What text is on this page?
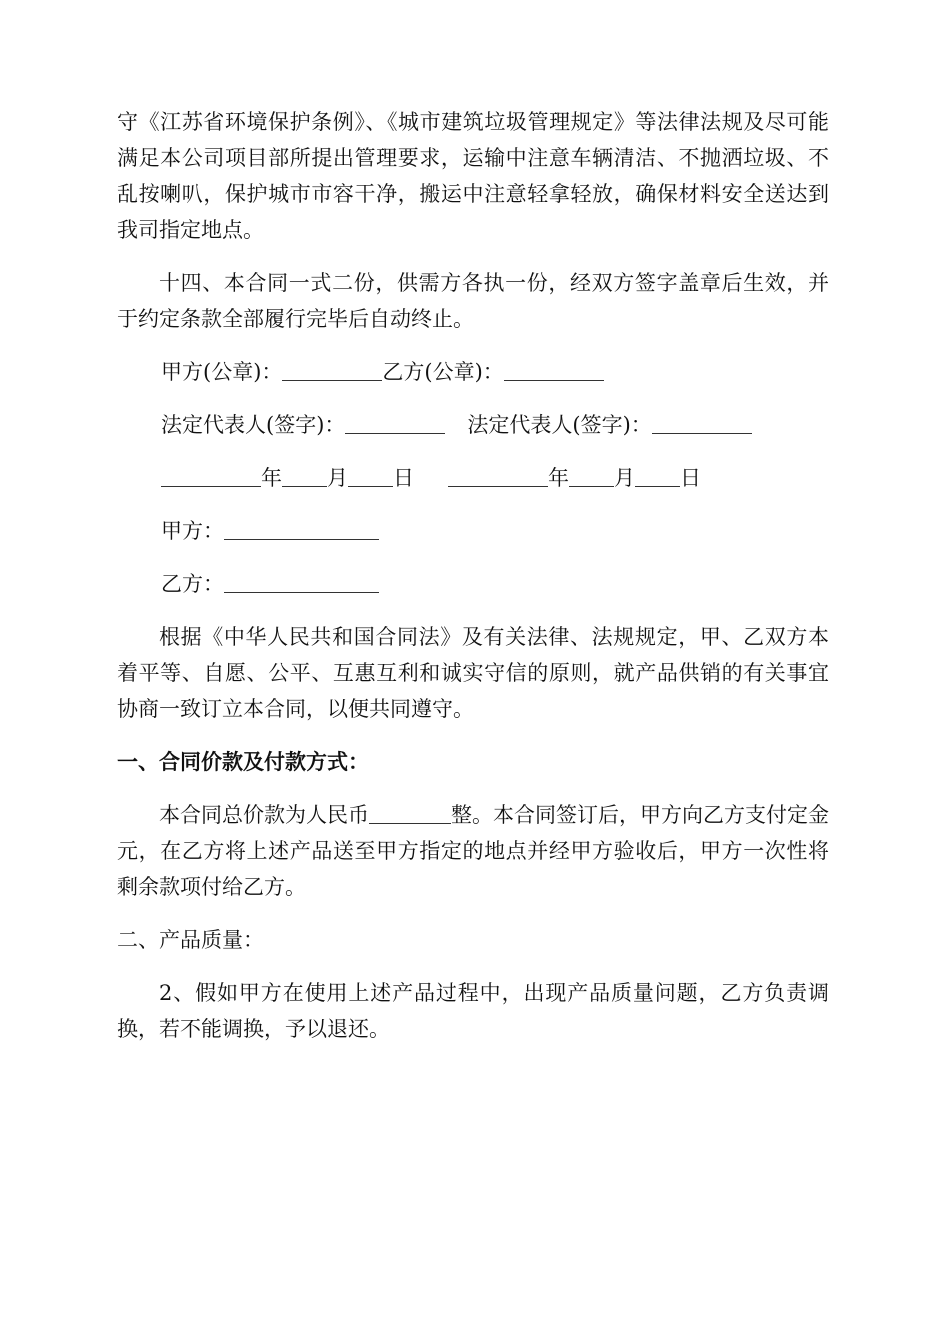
守《江苏省环境保护条例》、《城市建筑垃圾管理规定》等法律法规及尽可能满足本公司项目部所提出管理要求，运输中注意车辆清洁、不抛洒垃圾、不乱按喇叭，保护城市市容干净，搬运中注意轻拿轻放，确保材料安全送达到我司指定地点。

十四、本合同一式二份，供需方各执一份，经双方签字盖章后生效，并于约定条款全部履行完毕后自动终止。

甲方(公章)：	乙方(公章)：
法定代表人(签字)：	法定代表人(签字)：
年 月 日	年 月 日
甲方：
乙方：

根据《中华人民共和国合同法》及有关法律、法规规定，甲、乙双方本着平等、自愿、公平、互惠互利和诚实守信的原则，就产品供销的有关事宜协商一致订立本合同，以便共同遵守。

一、合同价款及付款方式：

本合同总价款为人民币	整。本合同签订后，甲方向乙方支付定金元，在乙方将上述产品送至甲方指定的地点并经甲方验收后，甲方一次性将剩余款项付给乙方。

二、产品质量：

2、假如甲方在使用上述产品过程中，出现产品质量问题，乙方负责调换，若不能调换，予以退还。
